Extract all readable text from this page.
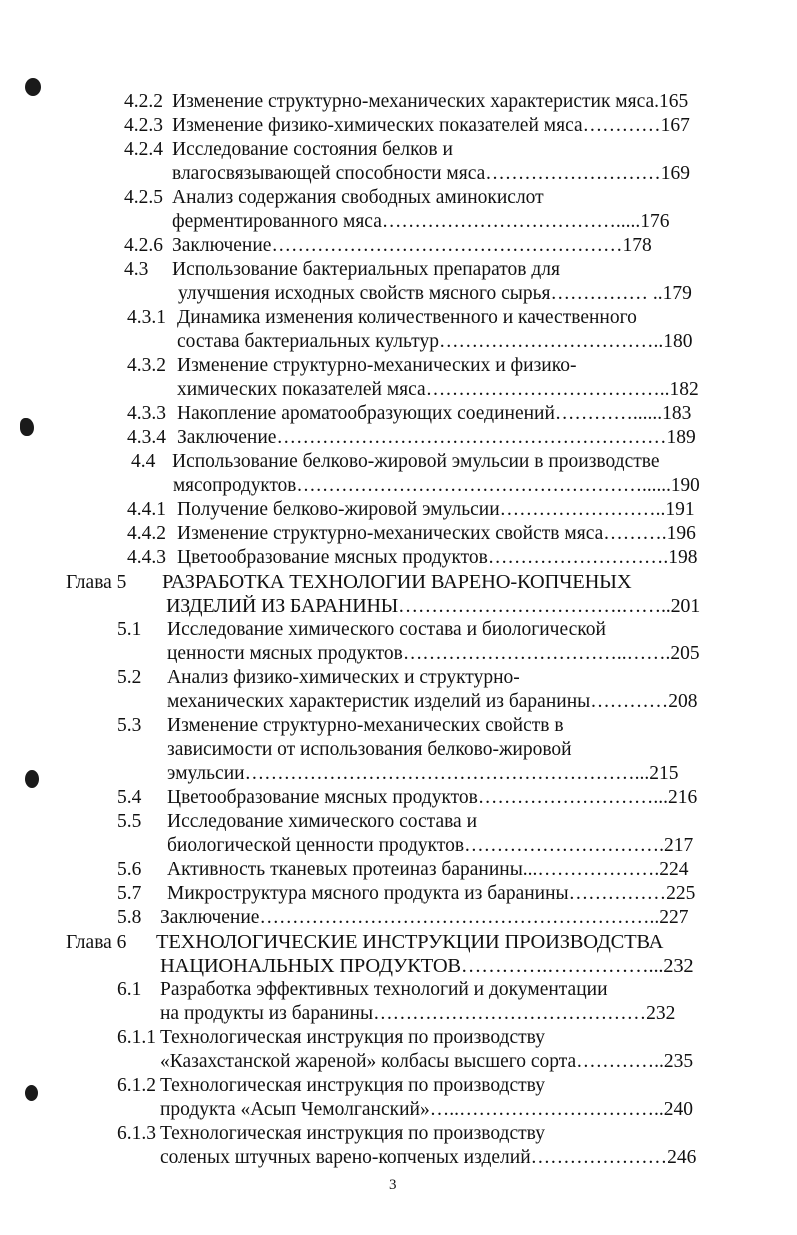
4.2.2 Изменение структурно-механических характеристик мяса.165
4.2.3 Изменение физико-химических показателей мяса…………167
4.2.4 Исследование состояния белков и
влагосвязывающей способности мяса………………………169
4.2.5 Анализ содержания свободных аминокислот
ферментированного мяса……………………………….....176
4.2.6 Заключение………………………………………………178
4.3 Использование бактериальных препаратов для
улучшения исходных свойств мясного сырья…………… ..179
4.3.1 Динамика изменения количественного и качественного
состава бактериальных культур……………………………..180
4.3.2 Изменение структурно-механических и физико-
химических показателей мяса………………………………..182
4.3.3 Накопление ароматообразующих соединений…………......183
4.3.4 Заключение……………………………………………………189
4.4 Использование белково-жировой эмульсии в производстве
мясопродуктов………………………………………………......190
4.4.1 Получение белково-жировой эмульсии……………………..191
4.4.2 Изменение структурно-механических свойств мяса……….196
4.4.3 Цветообразование мясных продуктов……………………….198
Глава 5 РАЗРАБОТКА ТЕХНОЛОГИИ ВАРЕНО-КОПЧЕНЫХ
ИЗДЕЛИЙ ИЗ БАРАНИНЫ…………………………….……..201
5.1 Исследование химического состава и биологической
ценности мясных продуктов……………………………..…….205
5.2 Анализ физико-химических и структурно-
механических характеристик изделий из баранины…………208
5.3 Изменение структурно-механических свойств в
зависимости от использования белково-жировой
эмульсии……………………………………………………...215
5.4 Цветообразование мясных продуктов………………………...216
5.5 Исследование химического состава и
биологической ценности продуктов………………………….217
5.6 Активность тканевых протеиназ баранины...……………….224
5.7 Микроструктура мясного продукта из баранины……………225
5.8 Заключение……………………………………………………..227
Глава 6 ТЕХНОЛОГИЧЕСКИЕ ИНСТРУКЦИИ ПРОИЗВОДСТВА
НАЦИОНАЛЬНЫХ ПРОДУКТОВ………….……………...232
6.1 Разработка эффективных технологий и документации
на продукты из баранины……………………………………232
6.1.1 Технологическая инструкция по производству
«Казахстанской жареной» колбасы высшего сорта…………..235
6.1.2 Технологическая инструкция по производству
продукта «Асып Чемолганский»…..…………………………..240
6.1.3 Технологическая инструкция по производству
соленых штучных варено-копченых изделий…………………246
3
